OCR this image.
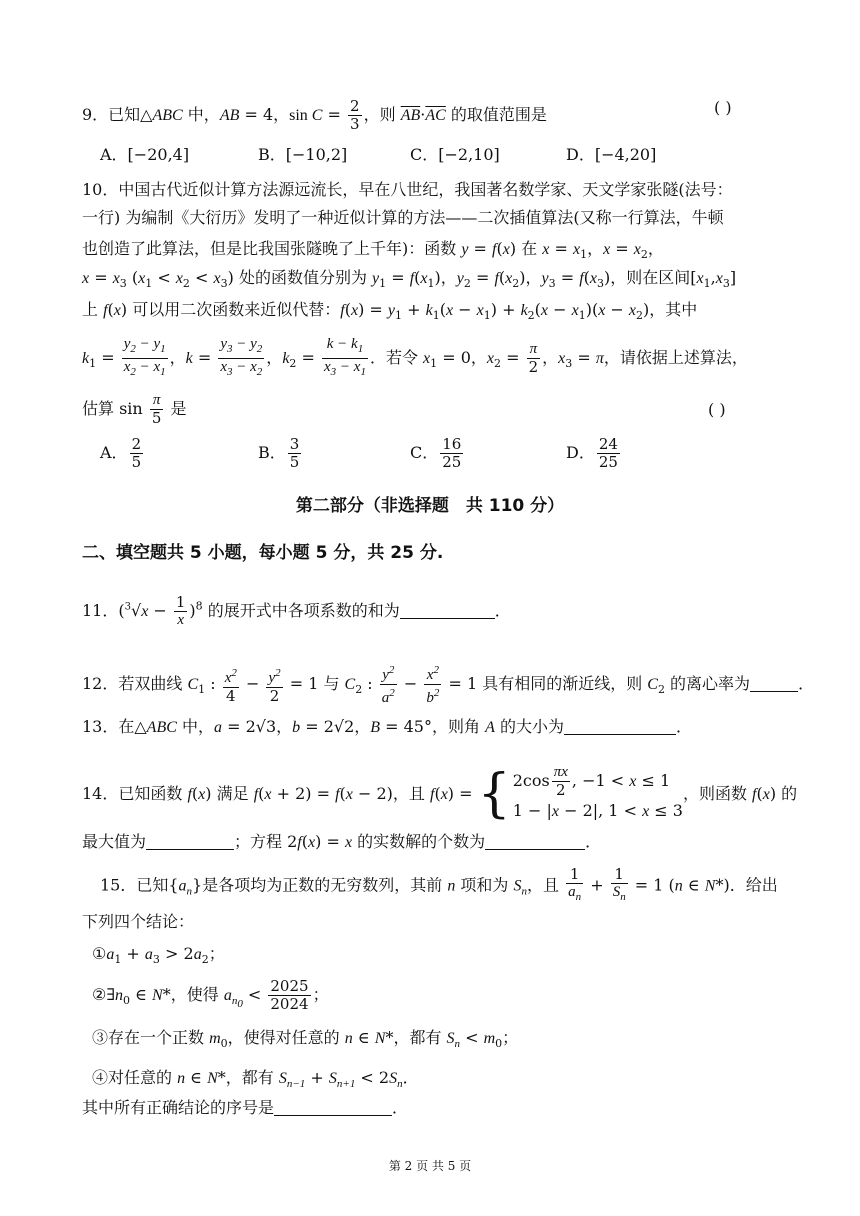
9．已知△ABC 中，AB = 4，$\sin C = \frac{2}{3}$ ，则 $\overline{AB}\cdot\overline{AC}$ 的取值范围是	( )
A．[−20,4]	B．[−10,2]	C．[−2,10]	D．[−4,20]
10．中国古代近似计算方法源远流长，早在八世纪，我国著名数学家、天文学家张隧(法号：
一行) 为编制《大衍历》发明了一种近似计算的方法——二次插值算法(又称一行算法，牛顿
也创造了此算法，但是比我国张隧晚了上千年)：函数 y = f(x) 在 $x = x_1$，$x = x_2$，
$x = x_3$ $(x_1 < x_2 < x_3)$ 处的函数值分别为 $y_1 = f(x_1)$，$y_2 = f(x_2)$，$y_3 = f(x_3)$，则在区间$[x_1,x_3]$
上 f(x) 可以用二次函数来近似代替：$f(x) = y_1 + k_1(x - x_1) + k_2(x - x_1)(x - x_2)$，其中
$k_1 = \frac{y_2 - y_1}{x_2 - x_1}$ ，$k = \frac{y_3 - y_2}{x_3 - x_2}$ ，$k_2 = \frac{k - k_1}{x_3 - x_1}$ ．若令 $x_1 = 0$，$x_2 = \frac{\pi}{2}$ ，$x_3 = \pi$，请依据上述算法，
估算 $\sin \frac{\pi}{5}$ 是	( )
A． $\frac{2}{5}$	B． $\frac{3}{5}$	C． $\frac{16}{25}$	D． $\frac{24}{25}$
第二部分（非选择题　共 110 分）
二、填空题共 5 小题，每小题 5 分，共 25 分.
11．$(^3√x - \frac{1}{x} )^8$ 的展开式中各项系数的和为	．
12．若双曲线 $C_1$ : $\frac{x^2}{4} - \frac{y^2}{2} = 1$ 与 $C_2$ : $\frac{y^2}{a^2} - \frac{x^2}{b^2} = 1$ 具有相同的渐近线，则 $C_2$ 的离心率为	．
13．在△ABC 中，a = 2√3，b = 2√2，B = 45°，则角 A 的大小为	．
14．已知函数 f(x) 满足 f(x + 2) = f(x − 2)，且 f(x) = { $2\cos \frac{\pi x}{2}$ , −1 < x ≤ 1
1 − |x − 2|, 1 < x ≤ 3
，则函数 f(x) 的
最大值为	；方程 2f(x) = x 的实数解的个数为	．
15．已知$\{a_n\}$是各项均为正数的无穷数列，其前 n 项和为 $S_n$，且 $\frac{1}{a_n} + \frac{1}{S_n} = 1$ (n ∈ N*)．给出
下列四个结论：
$①a_1 + a_3 > 2a_2$；
$②\exists n_0$ ∈ N*，使得 $a_{n_0} < \frac{2025}{2024}$ ；
③存在一个正数 $m_0$，使得对任意的 n ∈ N*，都有 $S_n < m_0$；
④对任意的 n ∈ N*，都有 $S_{n-1} + S_{n+1} < 2S_n$．
其中所有正确结论的序号是	．
第 2 页 共 5 页
